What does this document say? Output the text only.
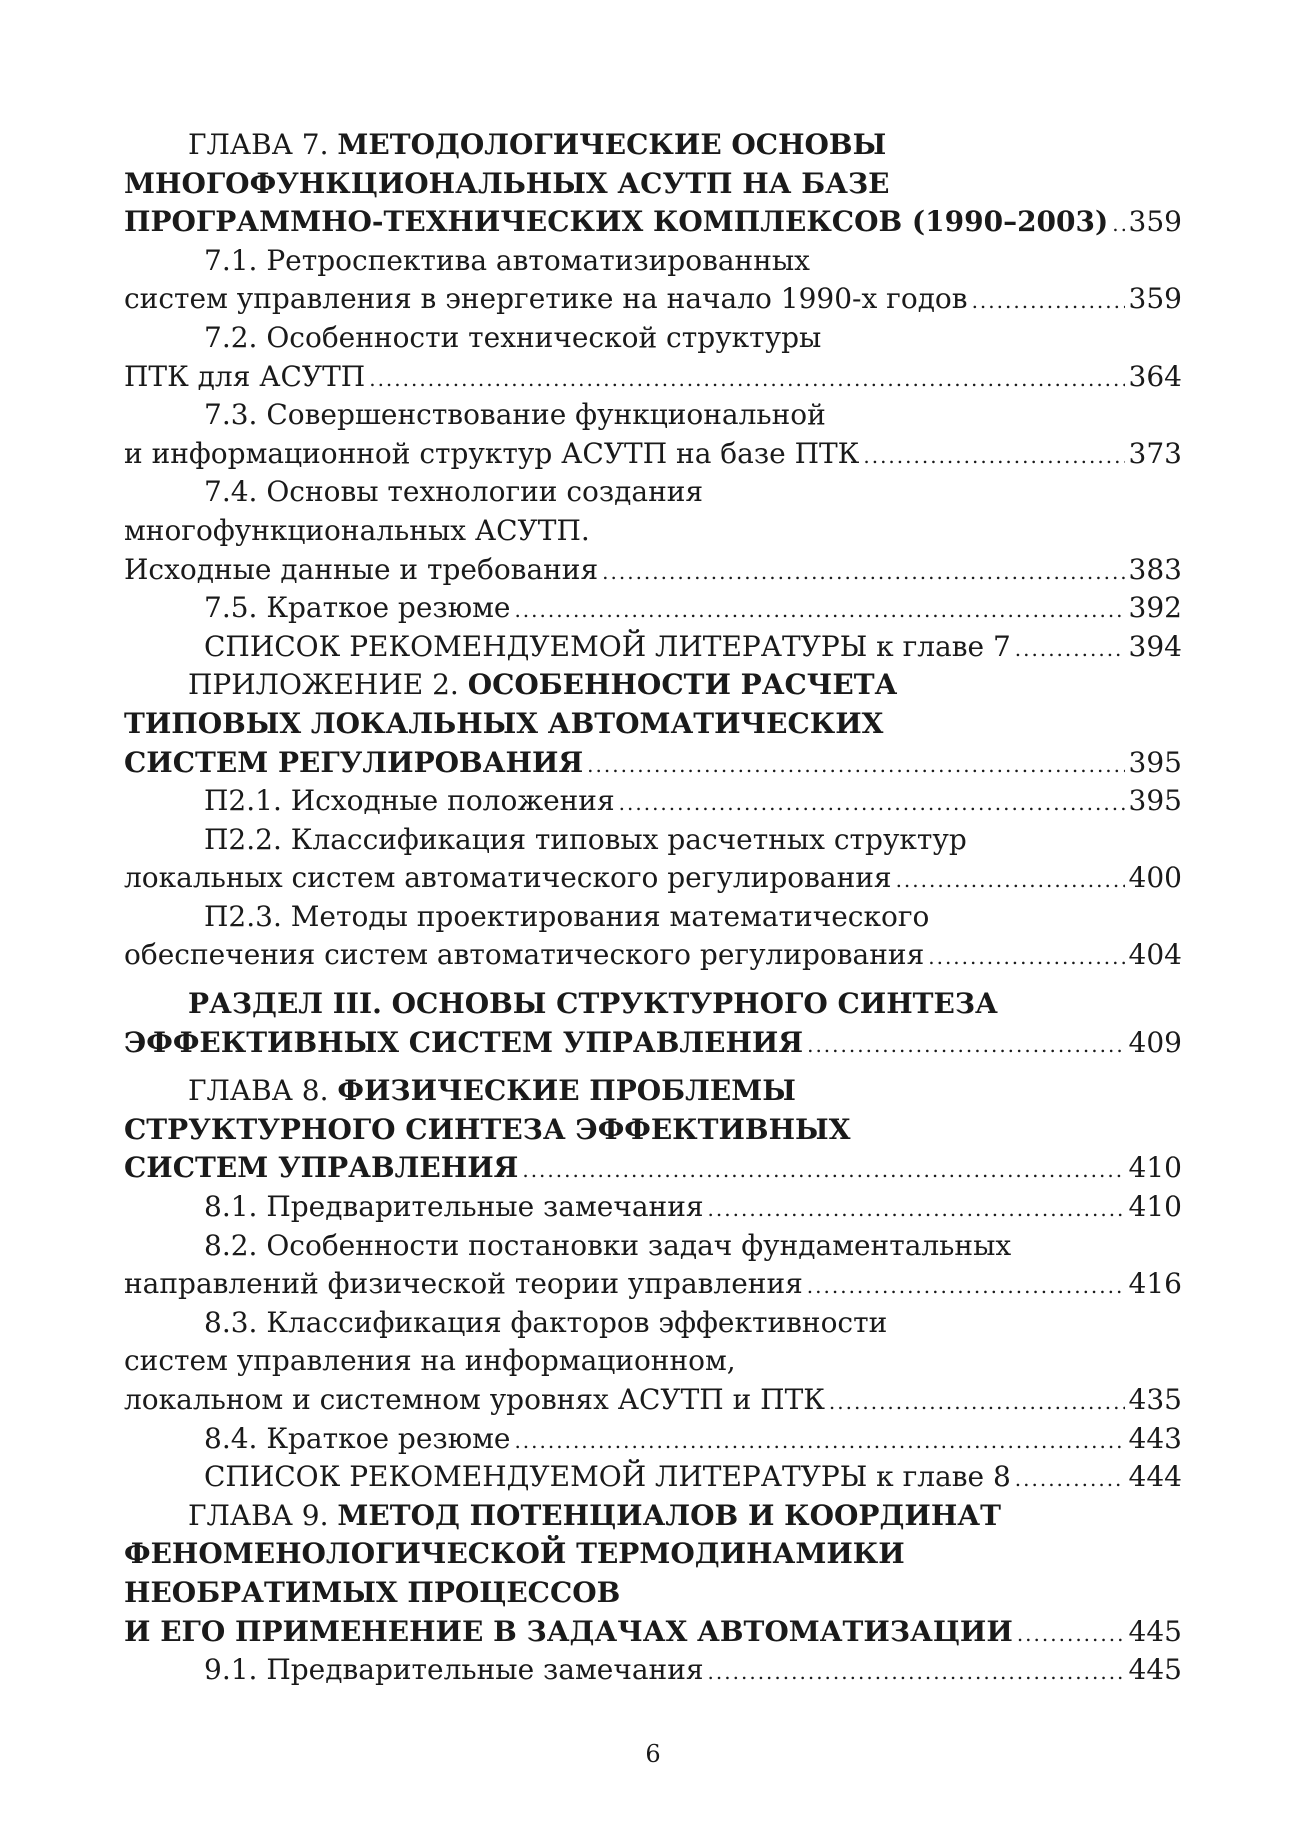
ГЛАВА 7. МЕТОДОЛОГИЧЕСКИЕ ОСНОВЫ
МНОГОФУНКЦИОНАЛЬНЫХ АСУТП НА БАЗЕ
ПРОГРАММНО-ТЕХНИЧЕСКИХ КОМПЛЕКСОВ (1990–2003) ..... 359
7.1. Ретроспектива автоматизированных
систем управления в энергетике на начало 1990-х годов .....	359
7.2. Особенности технической структуры
ПТК для АСУТП .....	364
7.3. Совершенствование функциональной
и информационной структур АСУТП на базе ПТК .....	373
7.4. Основы технологии создания
многофункциональных АСУТП.
Исходные данные и требования .....	383
7.5. Краткое резюме .....	392
СПИСОК РЕКОМЕНДУЕМОЙ ЛИТЕРАТУРЫ к главе 7 .....	394
ПРИЛОЖЕНИЕ 2. ОСОБЕННОСТИ РАСЧЕТА
ТИПОВЫХ ЛОКАЛЬНЫХ АВТОМАТИЧЕСКИХ
СИСТЕМ РЕГУЛИРОВАНИЯ .....	395
П2.1. Исходные положения .....	395
П2.2. Классификация типовых расчетных структур
локальных систем автоматического регулирования .....	400
П2.3. Методы проектирования математического
обеспечения систем автоматического регулирования .....	404
РАЗДЕЛ III. ОСНОВЫ СТРУКТУРНОГО СИНТЕЗА
ЭФФЕКТИВНЫХ СИСТЕМ УПРАВЛЕНИЯ .....	409
ГЛАВА 8. ФИЗИЧЕСКИЕ ПРОБЛЕМЫ
СТРУКТУРНОГО СИНТЕЗА ЭФФЕКТИВНЫХ
СИСТЕМ УПРАВЛЕНИЯ .....	410
8.1. Предварительные замечания .....	410
8.2. Особенности постановки задач фундаментальных
направлений физической теории управления .....	416
8.3. Классификация факторов эффективности
систем управления на информационном,
локальном и системном уровнях АСУТП и ПТК .....	435
8.4. Краткое резюме .....	443
СПИСОК РЕКОМЕНДУЕМОЙ ЛИТЕРАТУРЫ к главе 8 .....	444
ГЛАВА 9. МЕТОД ПОТЕНЦИАЛОВ И КООРДИНАТ
ФЕНОМЕНОЛОГИЧЕСКОЙ ТЕРМОДИНАМИКИ
НЕОБРАТИМЫХ ПРОЦЕССОВ
И ЕГО ПРИМЕНЕНИЕ В ЗАДАЧАХ АВТОМАТИЗАЦИИ .....	445
9.1. Предварительные замечания .....	445
6
